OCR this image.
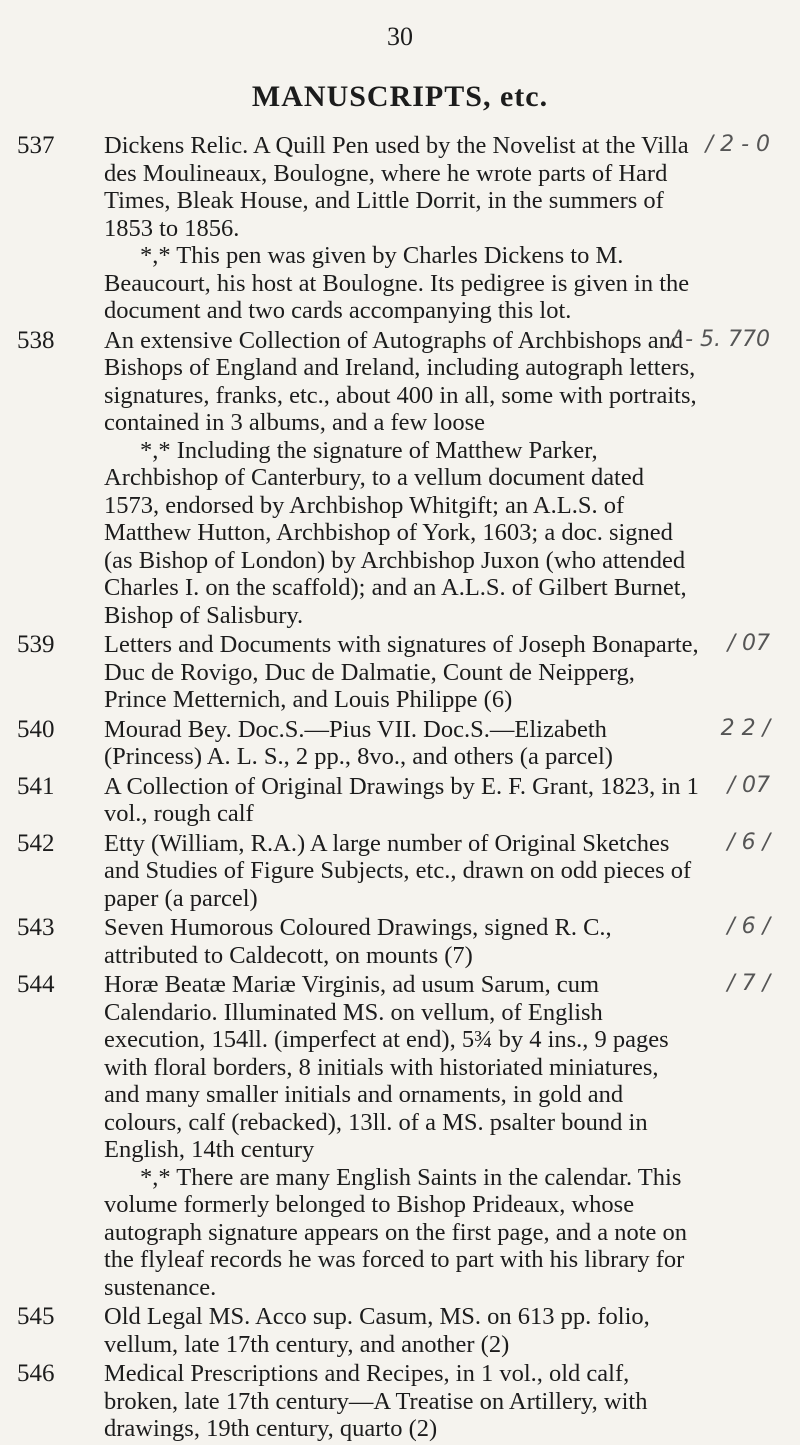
30
MANUSCRIPTS, etc.
537	Dickens Relic. A Quill Pen used by the Novelist at the Villa des Moulineaux, Boulogne, where he wrote parts of Hard Times, Bleak House, and Little Dorrit, in the summers of 1853 to 1856.
*,* This pen was given by Charles Dickens to M. Beaucourt, his host at Boulogne. Its pedigree is given in the document and two cards accompanying this lot.
/ 2 - 0
538	An extensive Collection of Autographs of Archbishops and Bishops of England and Ireland, including autograph letters, signatures, franks, etc., about 400 in all, some with portraits, contained in 3 albums, and a few loose
*,* Including the signature of Matthew Parker, Archbishop of Canterbury, to a vellum document dated 1573, endorsed by Archbishop Whitgift; an A.L.S. of Matthew Hutton, Archbishop of York, 1603; a doc. signed (as Bishop of London) by Archbishop Juxon (who attended Charles I. on the scaffold); and an A.L.S. of Gilbert Burnet, Bishop of Salisbury.
/ - 5. 770
539	Letters and Documents with signatures of Joseph Bonaparte, Duc de Rovigo, Duc de Dalmatie, Count de Neipperg, Prince Metternich, and Louis Philippe (6)
/ 07
540	Mourad Bey. Doc.S.—Pius VII. Doc.S.—Elizabeth (Princess) A. L. S., 2 pp., 8vo., and others (a parcel)
2 2 /
541	A Collection of Original Drawings by E. F. Grant, 1823, in 1 vol., rough calf
/ 07
542	Etty (William, R.A.) A large number of Original Sketches and Studies of Figure Subjects, etc., drawn on odd pieces of paper (a parcel)
/ 6 /
543	Seven Humorous Coloured Drawings, signed R. C., attributed to Caldecott, on mounts (7)
/ 6 /
544	Horæ Beatæ Mariæ Virginis, ad usum Sarum, cum Calendario. Illuminated MS. on vellum, of English execution, 154ll. (imperfect at end), 5¾ by 4 ins., 9 pages with floral borders, 8 initials with historiated miniatures, and many smaller initials and ornaments, in gold and colours, calf (rebacked), 13ll. of a MS. psalter bound in English, 14th century
*,* There are many English Saints in the calendar. This volume formerly belonged to Bishop Prideaux, whose autograph signature appears on the first page, and a note on the flyleaf records he was forced to part with his library for sustenance.
/ 7 /
545	Old Legal MS. Acco sup. Casum, MS. on 613 pp. folio, vellum, late 17th century, and another (2)
546	Medical Prescriptions and Recipes, in 1 vol., old calf, broken, late 17th century—A Treatise on Artillery, with drawings, 19th century, quarto (2)
